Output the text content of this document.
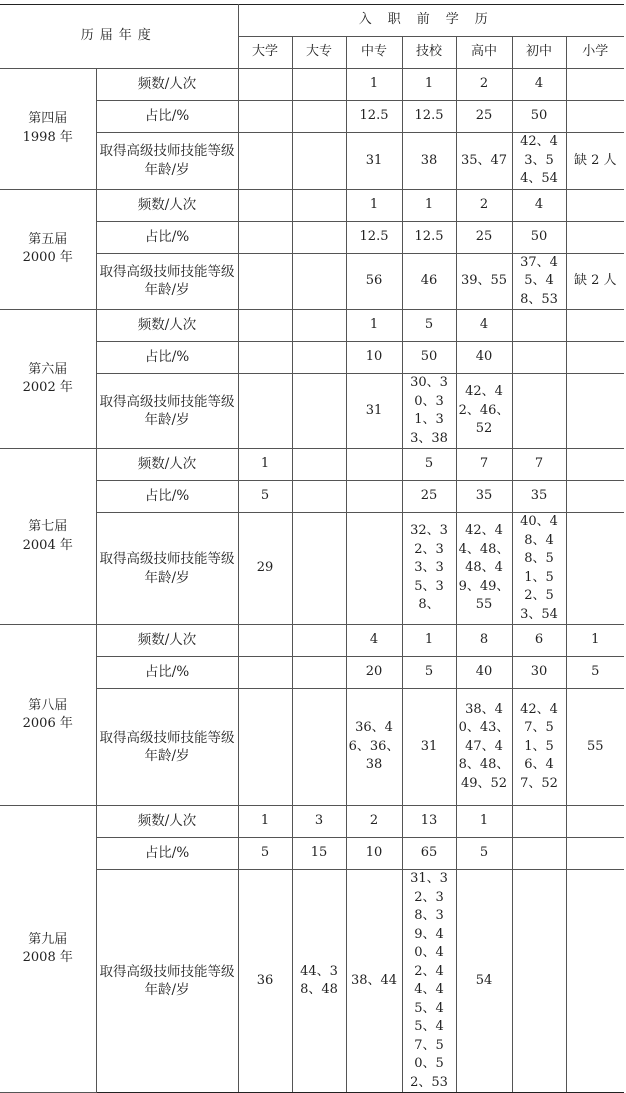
历届年度		入职前学历						
		大学	大专	中专	技校	高中	初中	小学

第四届
1998 年	频数/人次			1	1	2	4	
	占比/%			12.5	12.5	25	50	
	取得高级技师技能等级年龄/岁			31	38	35、47	42、43、54、54	缺 2 人

第五届
2000 年	频数/人次			1	1	2	4	
	占比/%			12.5	12.5	25	50	
	取得高级技师技能等级年龄/岁			56	46	39、55	37、45、48、53	缺 2 人

第六届
2002 年	频数/人次			1	5	4		
	占比/%			10	50	40		
	取得高级技师技能等级年龄/岁			31	30、30、31、33、38	42、42、46、52		

第七届
2004 年	频数/人次	1			5	7	7	
	占比/%	5			25	35	35	
	取得高级技师技能等级年龄/岁	29			32、32、33、35、38、	42、44、48、48、49、49、55	40、48、48、51、52、53、54	

第八届
2006 年	频数/人次			4	1	8	6	1
	占比/%			20	5	40	30	5
	取得高级技师技能等级年龄/岁			36、46、36、38	31	38、40、43、47、48、48、49、52	42、47、51、56、47、52	55

第九届
2008 年	频数/人次	1	3	2	13	1		
	占比/%	5	15	10	65	5		
	取得高级技师技能等级年龄/岁	36	44、38、48	38、44	31、32、38、39、40、42、44、45、45、47、50、52、53	54		
